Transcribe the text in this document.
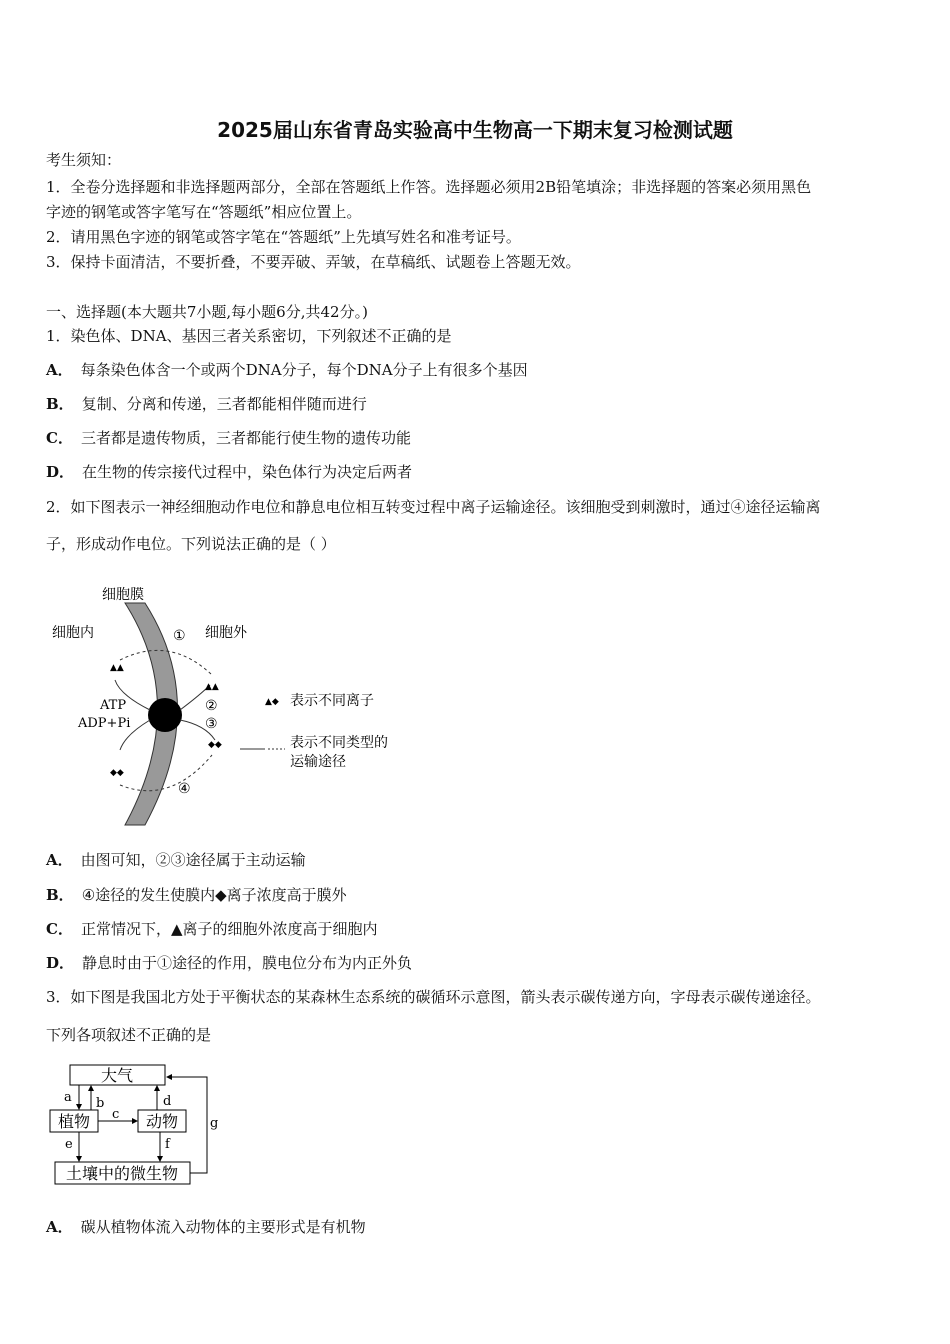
2025届山东省青岛实验高中生物高一下期末复习检测试题
考生须知：
1．全卷分选择题和非选择题两部分，全部在答题纸上作答。选择题必须用2B铅笔填涂；非选择题的答案必须用黑色
字迹的钢笔或答字笔写在“答题纸”相应位置上。
2．请用黑色字迹的钢笔或答字笔在“答题纸”上先填写姓名和准考证号。
3．保持卡面清洁，不要折叠，不要弄破、弄皱，在草稿纸、试题卷上答题无效。
一、选择题(本大题共7小题,每小题6分,共42分。)
1．染色体、DNA、基因三者关系密切，下列叙述不正确的是
A． 每条染色体含一个或两个DNA分子，每个DNA分子上有很多个基因
B． 复制、分离和传递，三者都能相伴随而进行
C． 三者都是遗传物质，三者都能行使生物的遗传功能
D． 在生物的传宗接代过程中，染色体行为决定后两者
2．如下图表示一神经细胞动作电位和静息电位相互转变过程中离子运输途径。该细胞受到刺激时，通过④途径运输离
子，形成动作电位。下列说法正确的是（ ）
细胞膜
细胞内	细胞外
▲▲
▲▲
◆◆
◆◆
①
②
③
④
ATP
ADP+Pi
▲◆ 表示不同离子
表示不同类型的
运输途径
A． 由图可知，②③途径属于主动运输
B． ④途径的发生使膜内◆离子浓度高于膜外
C． 正常情况下，▲离子的细胞外浓度高于细胞内
D． 静息时由于①途径的作用，膜电位分布为内正外负
3．如下图是我国北方处于平衡状态的某森林生态系统的碳循环示意图，箭头表示碳传递方向，字母表示碳传递途径。
下列各项叙述不正确的是
大气
植物	动物
土壤中的微生物
a b
c
d
e	f
g
A． 碳从植物体流入动物体的主要形式是有机物
